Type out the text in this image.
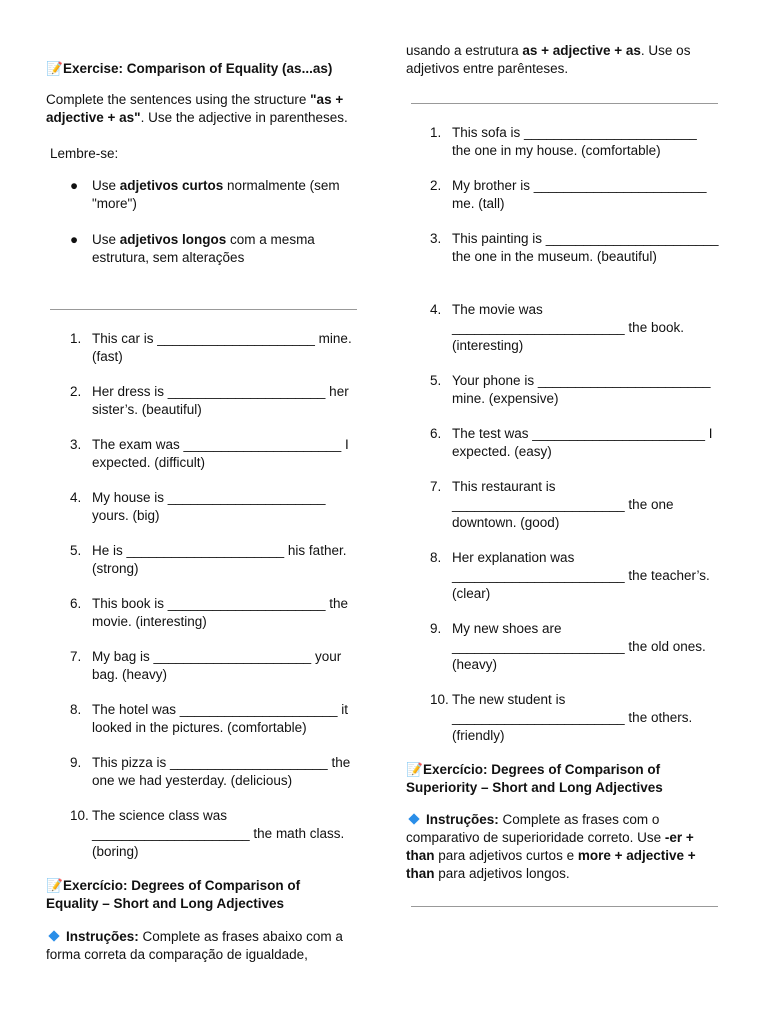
📝Exercise: Comparison of Equality (as...as)

Complete the sentences using the structure "as + adjective + as". Use the adjective in parentheses.

Lembre-se:

● Use adjetivos curtos normalmente (sem "more")
● Use adjetivos longos com a mesma estrutura, sem alterações
1. This car is _____________________ mine. (fast)
2. Her dress is _____________________ her sister’s. (beautiful)
3. The exam was _____________________ I expected. (difficult)
4. My house is _____________________ yours. (big)
5. He is _____________________ his father. (strong)
6. This book is _____________________ the movie. (interesting)
7. My bag is _____________________ your bag. (heavy)
8. The hotel was _____________________ it looked in the pictures. (comfortable)
9. This pizza is _____________________ the one we had yesterday. (delicious)
10. The science class was _____________________ the math class. (boring)

📝Exercício: Degrees of Comparison of Equality – Short and Long Adjectives

Instruções: Complete as frases abaixo com a forma correta da comparação de igualdade,

usando a estrutura as + adjective + as. Use os adjetivos entre parênteses.

1. This sofa is _______________________ the one in my house. (comfortable)
2. My brother is _______________________ me. (tall)
3. This painting is _______________________ the one in the museum. (beautiful)
4. The movie was _______________________ the book. (interesting)
5. Your phone is _______________________ mine. (expensive)
6. The test was _______________________ I expected. (easy)
7. This restaurant is _______________________ the one downtown. (good)
8. Her explanation was _______________________ the teacher’s. (clear)
9. My new shoes are _______________________ the old ones. (heavy)
10. The new student is _______________________ the others. (friendly)

📝Exercício: Degrees of Comparison of Superiority – Short and Long Adjectives

Instruções: Complete as frases com o comparativo de superioridade correto. Use -er + than para adjetivos curtos e more + adjective + than para adjetivos longos.
